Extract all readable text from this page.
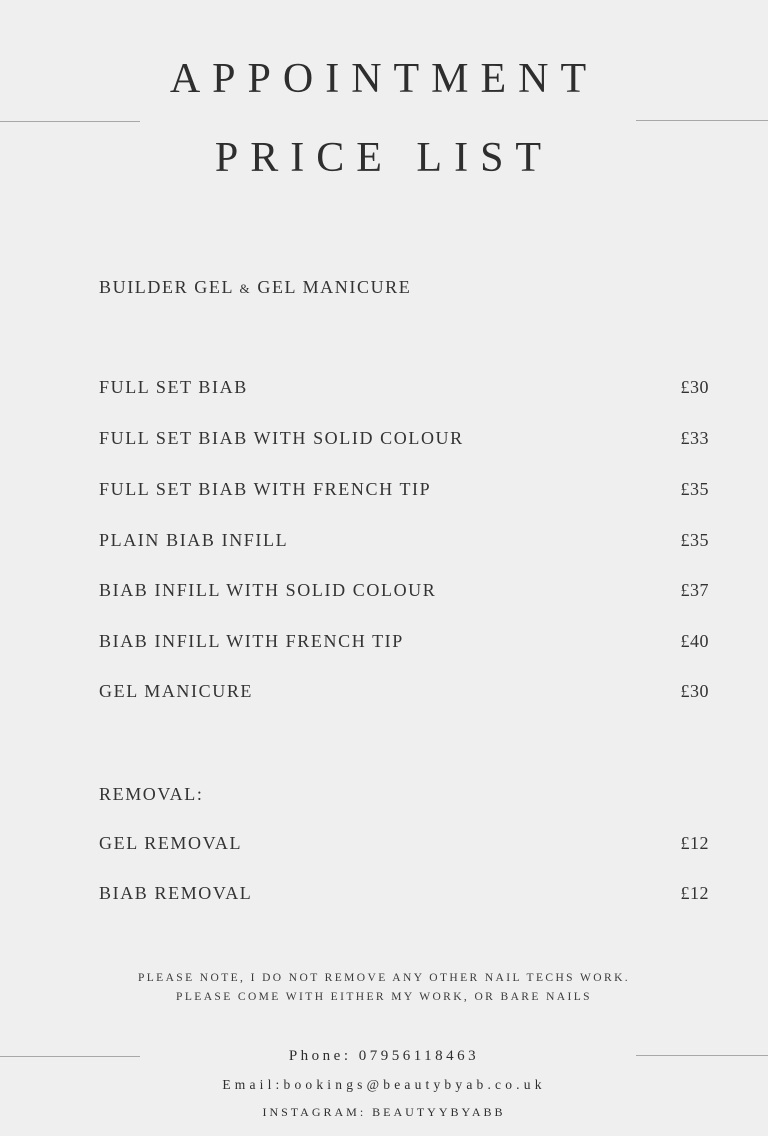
APPOINTMENT
PRICE LIST
BUILDER GEL & GEL MANICURE
FULL SET BIAB	£30
FULL SET BIAB WITH SOLID COLOUR	£33
FULL SET BIAB WITH FRENCH TIP	£35
PLAIN BIAB INFILL	£35
BIAB INFILL WITH SOLID COLOUR	£37
BIAB INFILL WITH FRENCH TIP	£40
GEL MANICURE	£30
REMOVAL:
GEL REMOVAL	£12
BIAB REMOVAL	£12
PLEASE NOTE, I DO NOT REMOVE ANY OTHER NAIL TECHS WORK.
PLEASE COME WITH EITHER MY WORK, OR BARE NAILS
Phone: 07956118463
Email:bookings@beautybyab.co.uk
INSTAGRAM: BEAUTYYBYABB
